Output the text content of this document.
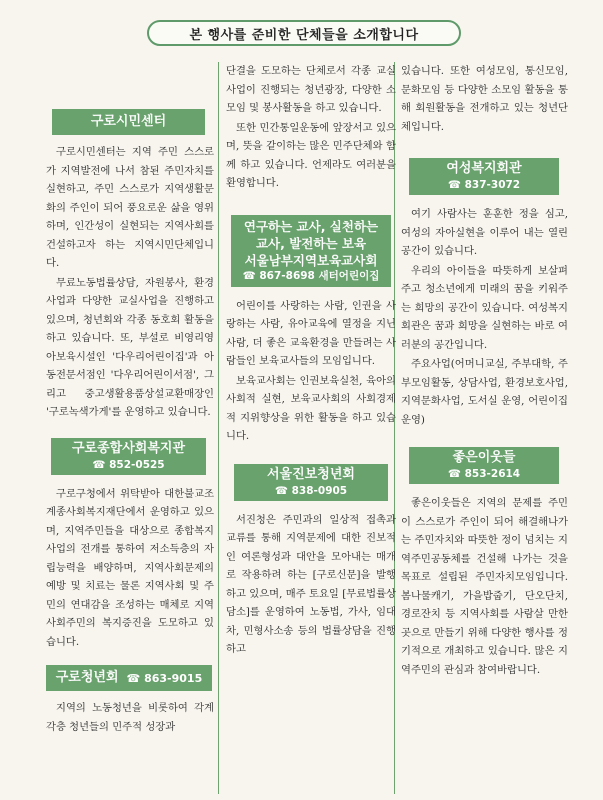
본 행사를 준비한 단체들을 소개합니다
구로시민센터

구로시민센터는 지역 주민 스스로가 지역발전에 나서 참된 주민자치를 실현하고, 주민 스스로가 지역생활문화의 주인이 되어 풍요로운 삶을 영위하며, 인간성이 실현되는 지역사회를 건설하고자 하는 지역시민단체입니다.

무료노동법률상담, 자원봉사, 환경사업과 다양한 교실사업을 진행하고 있으며, 청년회와 각종 동호회 활동을 하고 있습니다. 또, 부설로 비영리영아보육시설인 '다우리어린이집'과 아동전문서점인 '다우리어린이서점', 그리고 중고생활용품상설교환매장인 '구로녹색가게'를 운영하고 있습니다.

구로종합사회복지관
☎ 852-0525

구로구청에서 위탁받아 대한불교조계종사회복지재단에서 운영하고 있으며, 지역주민들을 대상으로 종합복지사업의 전개를 통하여 저소득층의 자립능력을 배양하며, 지역사회문제의 예방 및 치료는 물론 지역사회 및 주민의 연대감을 조성하는 매체로 지역사회주민의 복지증진을 도모하고 있습니다.

구로청년회 ☎ 863-9015

지역의 노동청년을 비롯하여 각계각층 청년들의 민주적 성장과

단결을 도모하는 단체로서 각종 교실사업이 진행되는 청년광장, 다양한 소모임 및 봉사활동을 하고 있습니다.

또한 민간통일운동에 앞장서고 있으며, 뜻을 같이하는 많은 민주단체와 함께 하고 있습니다. 언제라도 여러분을 환영합니다.

연구하는 교사, 실천하는
교사, 발전하는 보육
서울남부지역보육교사회
☎ 867-8698 새터어린이집

어린이를 사랑하는 사람, 인권을 사랑하는 사람, 유아교육에 열정을 지닌 사람, 더 좋은 교육환경을 만들려는 사람들인 보육교사들의 모임입니다.

보육교사회는 인권보육실천, 육아의 사회적 실현, 보육교사회의 사회경제적 지위향상을 위한 활동을 하고 있습니다.

서울진보청년회
☎ 838-0905

서진청은 주민과의 일상적 접촉과 교류를 통해 지역문제에 대한 진보적인 여론형성과 대안을 모아내는 매개로 작용하려 하는 [구로신문]을 발행하고 있으며, 매주 토요일 [무료법률상담소]를 운영하여 노동법, 가사, 임대차, 민형사소송 등의 법률상담을 진행하고

있습니다. 또한 여성모임, 통신모임, 문화모임 등 다양한 소모임 활동을 통해 회원활동을 전개하고 있는 청년단체입니다.

여성복지회관
☎ 837-3072

여기 사람사는 훈훈한 정을 심고, 여성의 자아실현을 이루어 내는 열린 공간이 있습니다.

우리의 아이들을 따뜻하게 보살펴 주고 청소년에게 미래의 꿈을 키워주는 희망의 공간이 있습니다. 여성복지회관은 꿈과 희망을 실현하는 바로 여러분의 공간입니다.

주요사업(어머니교실, 주부대학, 주부모임활동, 상담사업, 환경보호사업, 지역문화사업, 도서실 운영, 어린이집 운영)

좋은이웃들
☎ 853-2614

좋은이웃들은 지역의 문제를 주민이 스스로가 주인이 되어 해결해나가는 주민자치와 따뜻한 정이 넘치는 지역주민공동체를 건설해 나가는 것을 목표로 설립된 주민자치모임입니다. 봄나물캐기, 가을밥줍기, 단오단치, 경로잔치 등 지역사회를 사람살 만한 곳으로 만들기 위해 다양한 행사를 정기적으로 개최하고 있습니다. 많은 지역주민의 관심과 참여바랍니다.
